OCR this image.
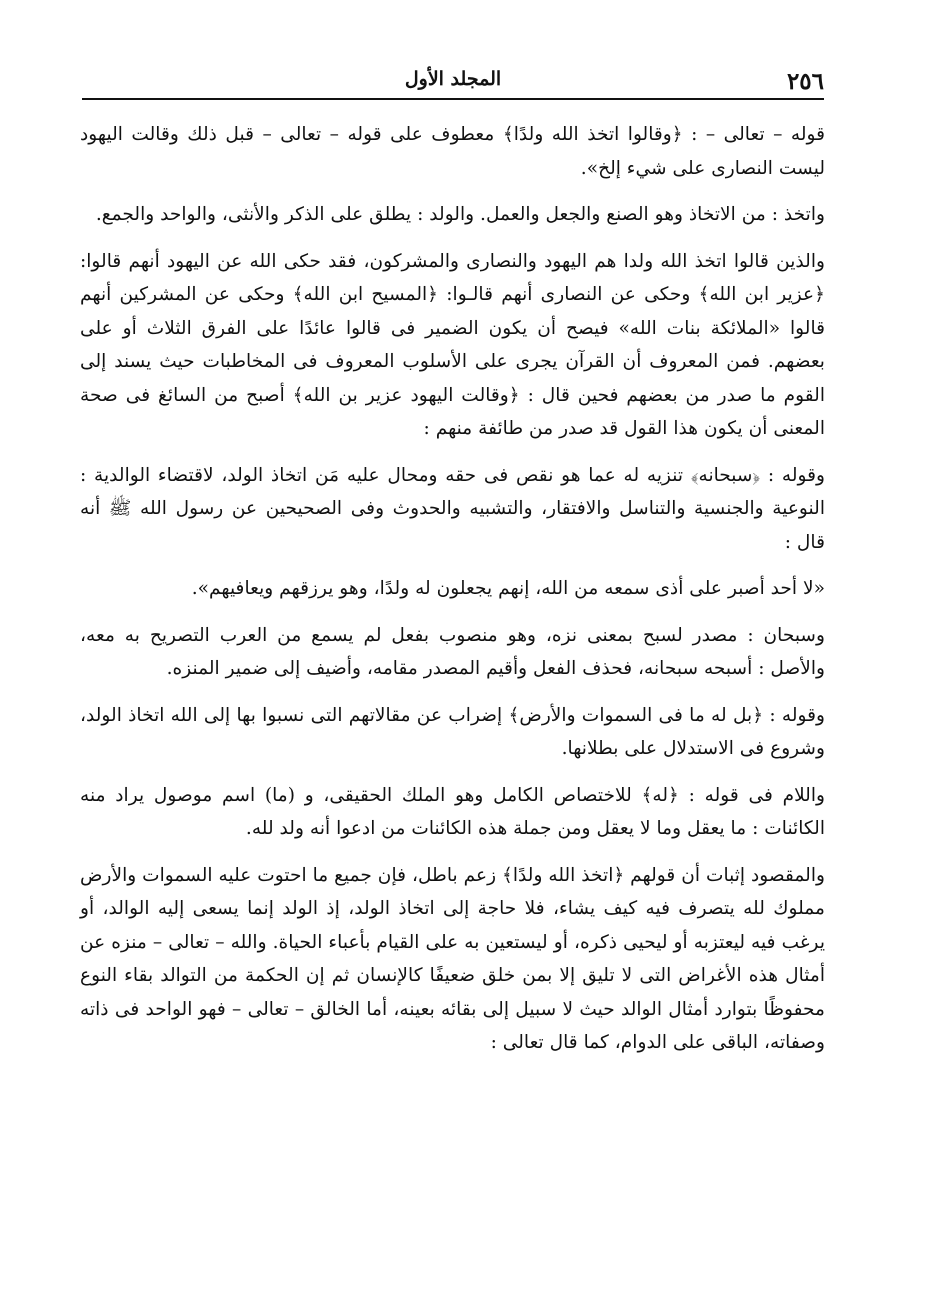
٢٥٦
المجلد الأول

قوله – تعالى – : ﴿وقالوا اتخذ الله ولدًا﴾ معطوف على قوله – تعالى – قبل ذلك وقالت اليهود ليست النصارى على شيء إلخ».

واتخذ : من الاتخاذ وهو الصنع والجعل والعمل. والولد : يطلق على الذكر والأنثى، والواحد والجمع.

والذين قالوا اتخذ الله ولدا هم اليهود والنصارى والمشركون، فقد حكى الله عن اليهود أنهم قالوا: ﴿عزير ابن الله﴾ وحكى عن النصارى أنهم قالـوا: ﴿المسيح ابن الله﴾ وحكى عن المشركين أنهم قالوا «الملائكة بنات الله» فيصح أن يكون الضمير فى قالوا عائدًا على الفرق الثلاث أو على بعضهم. فمن المعروف أن القرآن يجرى على الأسلوب المعروف فى المخاطبات حيث يسند إلى القوم ما صدر من بعضهم فحين قال : ﴿وقالت اليهود عزير بن الله﴾ أصبح من السائغ فى صحة المعنى أن يكون هذا القول قد صدر من طائفة منهم :

وقوله : ﴿سبحانه﴾ تنزيه له عما هو نقص فى حقه ومحال عليه مَن اتخاذ الولد، لاقتضاء الوالدية : النوعية والجنسية والتناسل والافتقار، والتشبيه والحدوث وفى الصحيحين عن رسول الله ﷺ أنه قال :

«لا أحد أصبر على أذى سمعه من الله، إنهم يجعلون له ولدًا، وهو يرزقهم ويعافيهم».

وسبحان : مصدر لسبح بمعنى نزه، وهو منصوب بفعل لم يسمع من العرب التصريح به معه، والأصل : أسبحه سبحانه، فحذف الفعل وأقيم المصدر مقامه، وأضيف إلى ضمير المنزه.

وقوله : ﴿بل له ما فى السموات والأرض﴾ إضراب عن مقالاتهم التى نسبوا بها إلى الله اتخاذ الولد، وشروع فى الاستدلال على بطلانها.

واللام فى قوله : ﴿له﴾ للاختصاص الكامل وهو الملك الحقيقى، و (ما) اسم موصول يراد منه الكائنات : ما يعقل وما لا يعقل ومن جملة هذه الكائنات من ادعوا أنه ولد لله.

والمقصود إثبات أن قولهم ﴿اتخذ الله ولدًا﴾ زعم باطل، فإن جميع ما احتوت عليه السموات والأرض مملوك لله يتصرف فيه كيف يشاء، فلا حاجة إلى اتخاذ الولد، إذ الولد إنما يسعى إليه الوالد، أو يرغب فيه ليعتزبه أو ليحيى ذكره، أو ليستعين به على القيام بأعباء الحياة. والله – تعالى – منزه عن أمثال هذه الأغراض التى لا تليق إلا بمن خلق ضعيفًا كالإنسان ثم إن الحكمة من التوالد بقاء النوع محفوظًا بتوارد أمثال الوالد حيث لا سبيل إلى بقائه بعينه، أما الخالق – تعالى – فهو الواحد فى ذاته وصفاته، الباقى على الدوام، كما قال تعالى :
